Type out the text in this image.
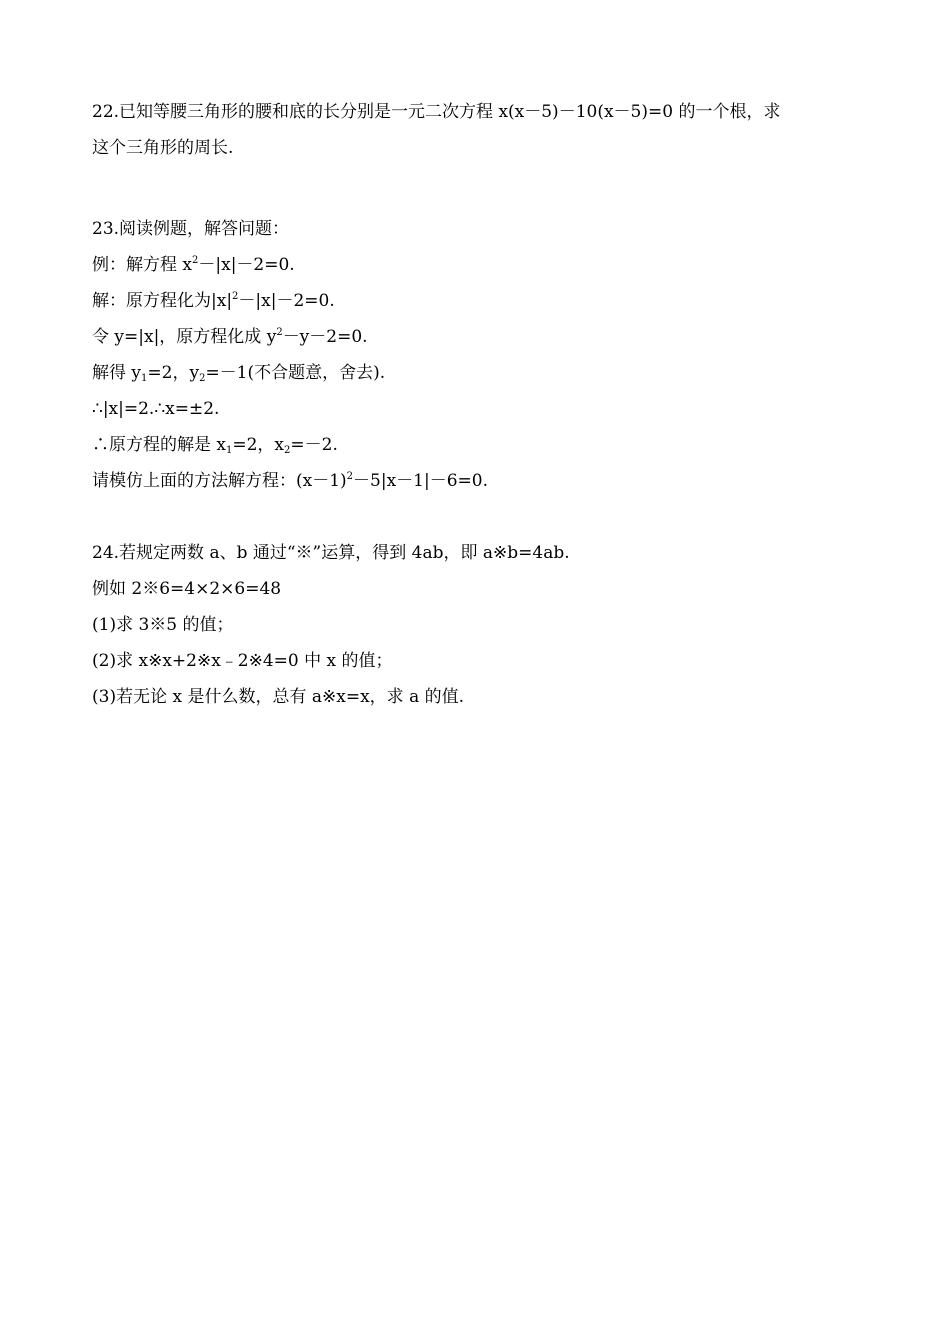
22.已知等腰三角形的腰和底的长分别是一元二次方程 x(x－5)－10(x－5)=0 的一个根，求
这个三角形的周长.
23.阅读例题，解答问题：
例：解方程 $x^2-|x|-2=0$.
解：原方程化为$|x|^2-|x|-2=0$.
令 y=|x|，原方程化成 $y^2-y-2=0$.
解得 $y_1=2$，$y_2=-1$(不合题意，舍去).
∴|x|=2.∴x=±2.
∴原方程的解是 $x_1=2$，$x_2=-2$.
请模仿上面的方法解方程：$(x-1)^2-5|x-1|-6=0$.
24.若规定两数 a、b 通过“※”运算，得到 4ab，即 a※b=4ab.
例如 2※6=4×2×6=48
(1)求 3※5 的值；
(2)求 x※x+2※x﹣2※4=0 中 x 的值；
(3)若无论 x 是什么数，总有 a※x=x，求 a 的值.
